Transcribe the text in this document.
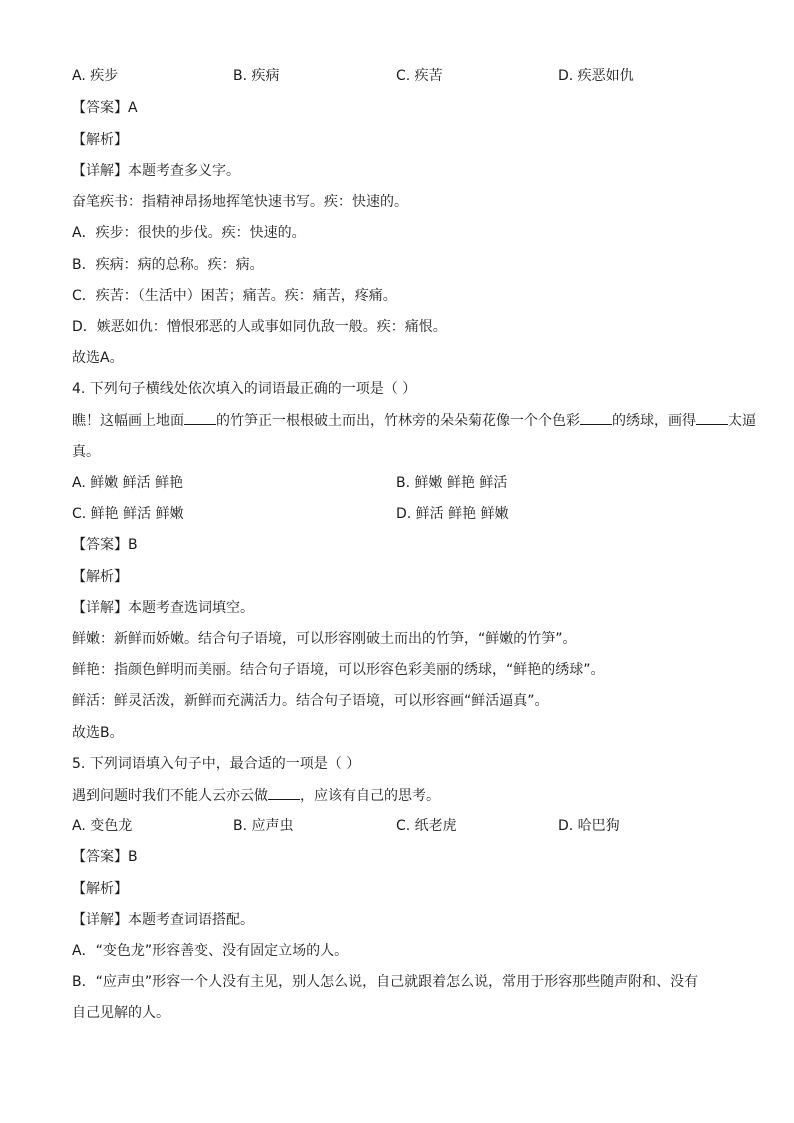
A. 疾步	B. 疾病	C. 疾苦	D. 疾恶如仇
【答案】A
【解析】
【详解】本题考查多义字。
奋笔疾书：指精神昂扬地挥笔快速书写。疾：快速的。
A．疾步：很快的步伐。疾：快速的。
B．疾病：病的总称。疾：病。
C．疾苦：（生活中）困苦；痛苦。疾：痛苦，疼痛。
D．嫉恶如仇：憎恨邪恶的人或事如同仇敌一般。疾：痛恨。
故选A。
4. 下列句子横线处依次填入的词语最正确的一项是（ ）
瞧！这幅画上地面 的竹笋正一根根破土而出，竹林旁的朵朵菊花像一个个色彩 的绣球，画得 太逼
真。
A. 鲜嫩 鲜活 鲜艳	B. 鲜嫩 鲜艳 鲜活
C. 鲜艳 鲜活 鲜嫩	D. 鲜活 鲜艳 鲜嫩
【答案】B
【解析】
【详解】本题考查选词填空。
鲜嫩：新鲜而娇嫩。结合句子语境，可以形容刚破土而出的竹笋，“鲜嫩的竹笋”。
鲜艳：指颜色鲜明而美丽。结合句子语境，可以形容色彩美丽的绣球，“鲜艳的绣球”。
鲜活：鲜灵活泼，新鲜而充满活力。结合句子语境，可以形容画“鲜活逼真”。
故选B。
5. 下列词语填入句子中，最合适的一项是（ ）
遇到问题时我们不能人云亦云做 ，应该有自己的思考。
A. 变色龙	B. 应声虫	C. 纸老虎	D. 哈巴狗
【答案】B
【解析】
【详解】本题考查词语搭配。
A．“变色龙”形容善变、没有固定立场的人。
B．“应声虫”形容一个人没有主见，别人怎么说，自己就跟着怎么说，常用于形容那些随声附和、没有
自己见解的人。
